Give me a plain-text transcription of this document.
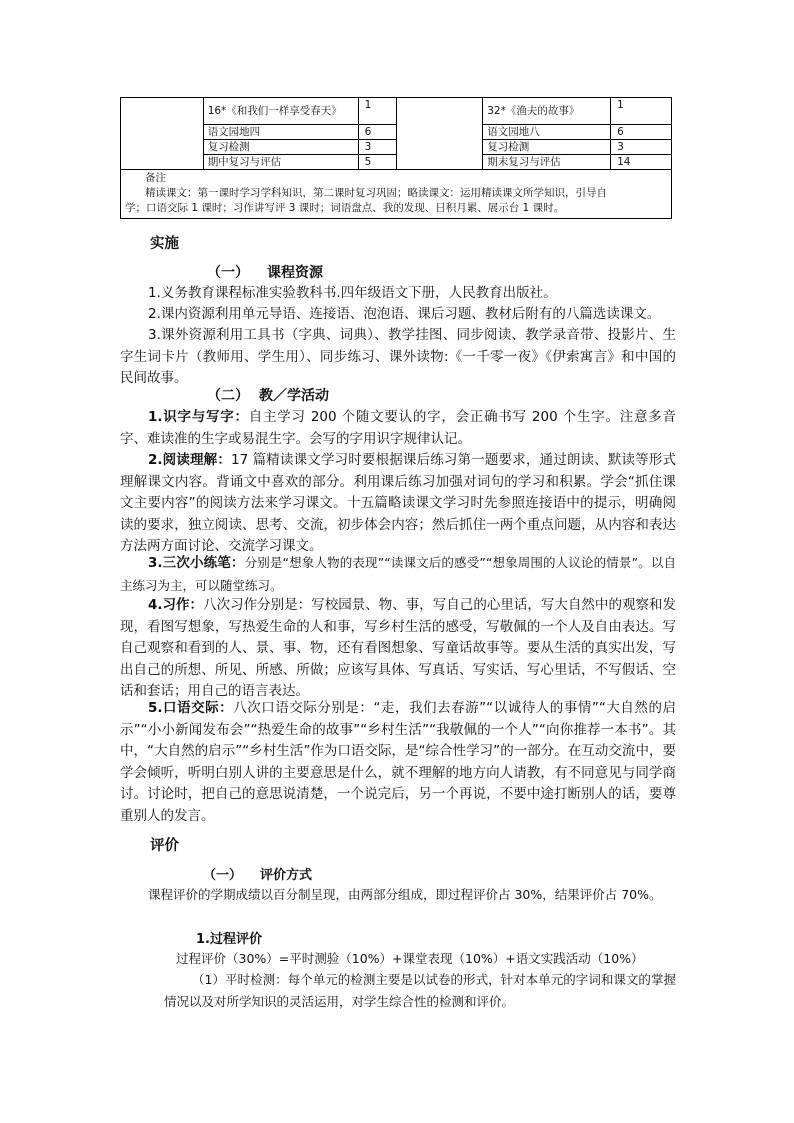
	16*《和我们一样享受春天》	1		32*《渔夫的故事》	1
	语文园地四	6		语文园地八	6
	复习检测	3		复习检测	3
	期中复习与评估	5		期末复习与评估	14

备注
精读课文：第一课时学习学科知识，第二课时复习巩固；略读课文：运用精读课文所学知识，引导自
学；口语交际 1 课时；习作讲写评 3 课时；词语盘点、我的发现、日积月累、展示台 1 课时。					
实施
（一） 课程资源
1.义务教育课程标准实验教科书.四年级语文下册，人民教育出版社。
2.课内资源利用单元导语、连接语、泡泡语、课后习题、教材后附有的八篇选读课文。
3.课外资源利用工具书（字典、词典）、教学挂图、同步阅读、教学录音带、投影片、生字生词卡片（教师用、学生用）、同步练习、课外读物:《一千零一夜》《伊索寓言》和中国的民间故事。
（二） 教／学活动
1.识字与写字：自主学习 200 个随文要认的字，会正确书写 200 个生字。注意多音字、难读准的生字或易混生字。会写的字用识字规律认记。
2.阅读理解：17 篇精读课文学习时要根据课后练习第一题要求，通过朗读、默读等形式理解课文内容。背诵文中喜欢的部分。利用课后练习加强对词句的学习和积累。学会“抓住课文主要内容”的阅读方法来学习课文。十五篇略读课文学习时先参照连接语中的提示，明确阅读的要求，独立阅读、思考、交流，初步体会内容；然后抓住一两个重点问题，从内容和表达方法两方面讨论、交流学习课文。
3.三次小练笔：分别是“想象人物的表现”“读课文后的感受”“想象周围的人议论的情景”。以自主练习为主，可以随堂练习。
4.习作：八次习作分别是：写校园景、物、事，写自己的心里话，写大自然中的观察和发现，看图写想象，写热爱生命的人和事，写乡村生活的感受，写敬佩的一个人及自由表达。写自己观察和看到的人、景、事、物，还有看图想象、写童话故事等。要从生活的真实出发，写出自己的所想、所见、所感、所做；应该写具体、写真话、写实话、写心里话，不写假话、空话和套话；用自己的语言表达。
5.口语交际：八次口语交际分别是：“走，我们去春游”“以诚待人的事情”“大自然的启示”“小小新闻发布会”“热爱生命的故事”“乡村生活”“我敬佩的一个人”“向你推荐一本书”。其中，“大自然的启示”“乡村生活”作为口语交际，是“综合性学习”的一部分。在互动交流中，要学会倾听，听明白别人讲的主要意思是什么，就不理解的地方向人请教，有不同意见与同学商讨。讨论时，把自己的意思说清楚，一个说完后，另一个再说，不要中途打断别人的话，要尊重别人的发言。
评价
（一） 评价方式
课程评价的学期成绩以百分制呈现，由两部分组成，即过程评价占 30%，结果评价占 70%。
1.过程评价
过程评价（30%）=平时测验（10%）+课堂表现（10%）+语文实践活动（10%）
（1）平时检测：每个单元的检测主要是以试卷的形式，针对本单元的字词和课文的掌握情况以及对所学知识的灵活运用，对学生综合性的检测和评价。
